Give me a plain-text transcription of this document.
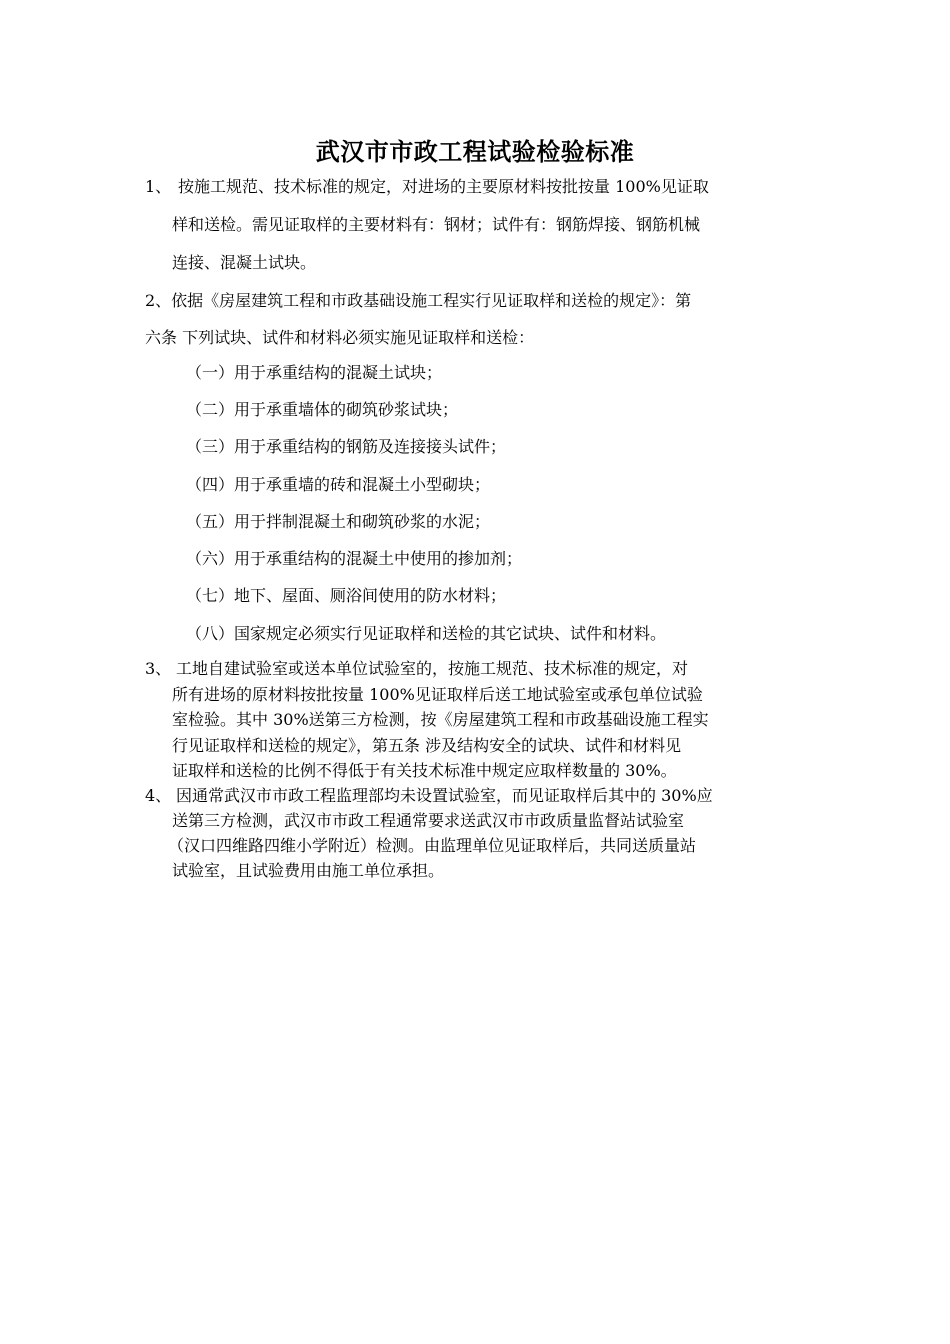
武汉市市政工程试验检验标准
1、 按施工规范、技术标准的规定，对进场的主要原材料按批按量 100%见证取
样和送检。需见证取样的主要材料有：钢材；试件有：钢筋焊接、钢筋机械
连接、混凝土试块。
2、依据《房屋建筑工程和市政基础设施工程实行见证取样和送检的规定》：第
六条 下列试块、试件和材料必须实施见证取样和送检：
（一）用于承重结构的混凝土试块；
（二）用于承重墙体的砌筑砂浆试块；
（三）用于承重结构的钢筋及连接接头试件；
（四）用于承重墙的砖和混凝土小型砌块；
（五）用于拌制混凝土和砌筑砂浆的水泥；
（六）用于承重结构的混凝土中使用的掺加剂；
（七）地下、屋面、厕浴间使用的防水材料；
（八）国家规定必须实行见证取样和送检的其它试块、试件和材料。
3、 工地自建试验室或送本单位试验室的，按施工规范、技术标准的规定，对
所有进场的原材料按批按量 100%见证取样后送工地试验室或承包单位试验
室检验。其中 30%送第三方检测，按《房屋建筑工程和市政基础设施工程实
行见证取样和送检的规定》，第五条 涉及结构安全的试块、试件和材料见
证取样和送检的比例不得低于有关技术标准中规定应取样数量的 30%。
4、 因通常武汉市市政工程监理部均未设置试验室，而见证取样后其中的 30%应
送第三方检测，武汉市市政工程通常要求送武汉市市政质量监督站试验室
（汉口四维路四维小学附近）检测。由监理单位见证取样后，共同送质量站
试验室，且试验费用由施工单位承担。
